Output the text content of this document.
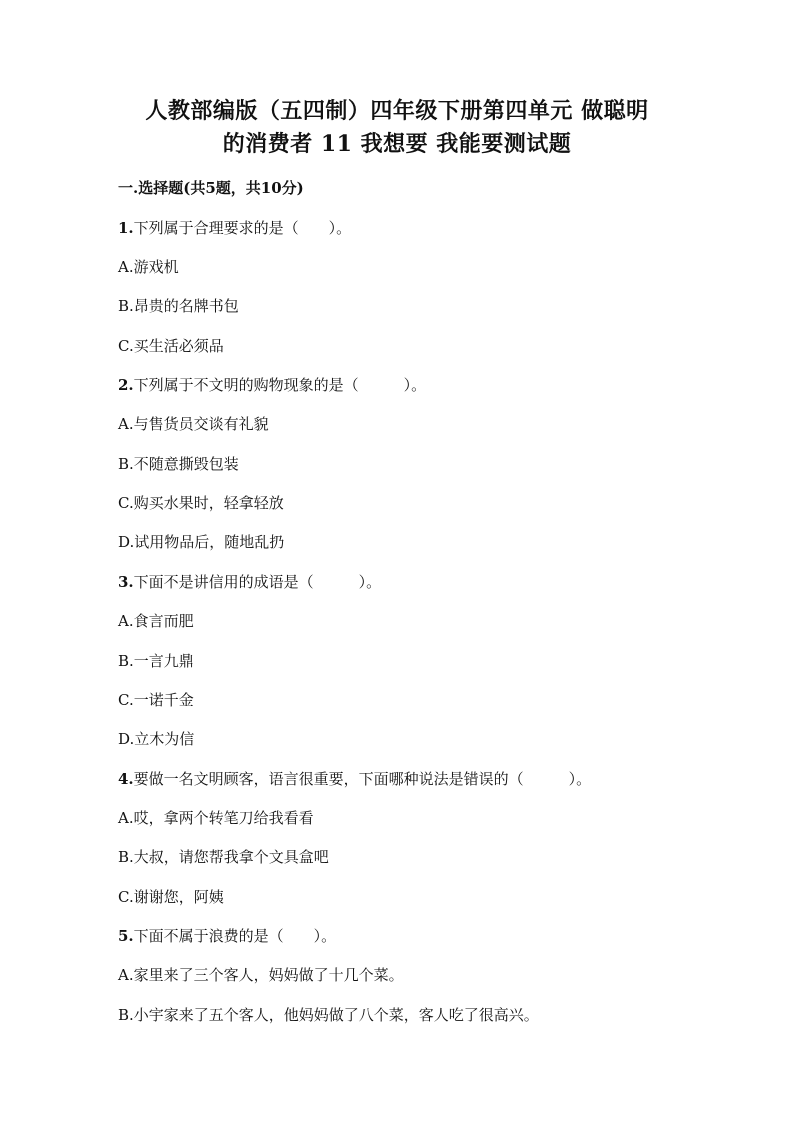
人教部编版（五四制）四年级下册第四单元 做聪明
的消费者 11 我想要 我能要测试题
一.选择题(共5题，共10分)
1.下列属于合理要求的是（　　）。
A.游戏机
B.昂贵的名牌书包
C.买生活必须品
2.下列属于不文明的购物现象的是（　　　）。
A.与售货员交谈有礼貌
B.不随意撕毁包装
C.购买水果时，轻拿轻放
D.试用物品后，随地乱扔
3.下面不是讲信用的成语是（　　　）。
A.食言而肥
B.一言九鼎
C.一诺千金
D.立木为信
4.要做一名文明顾客，语言很重要，下面哪种说法是错误的（　　　）。
A.哎，拿两个转笔刀给我看看
B.大叔，请您帮我拿个文具盒吧
C.谢谢您，阿姨
5.下面不属于浪费的是（　　）。
A.家里来了三个客人，妈妈做了十几个菜。
B.小宇家来了五个客人，他妈妈做了八个菜，客人吃了很高兴。
